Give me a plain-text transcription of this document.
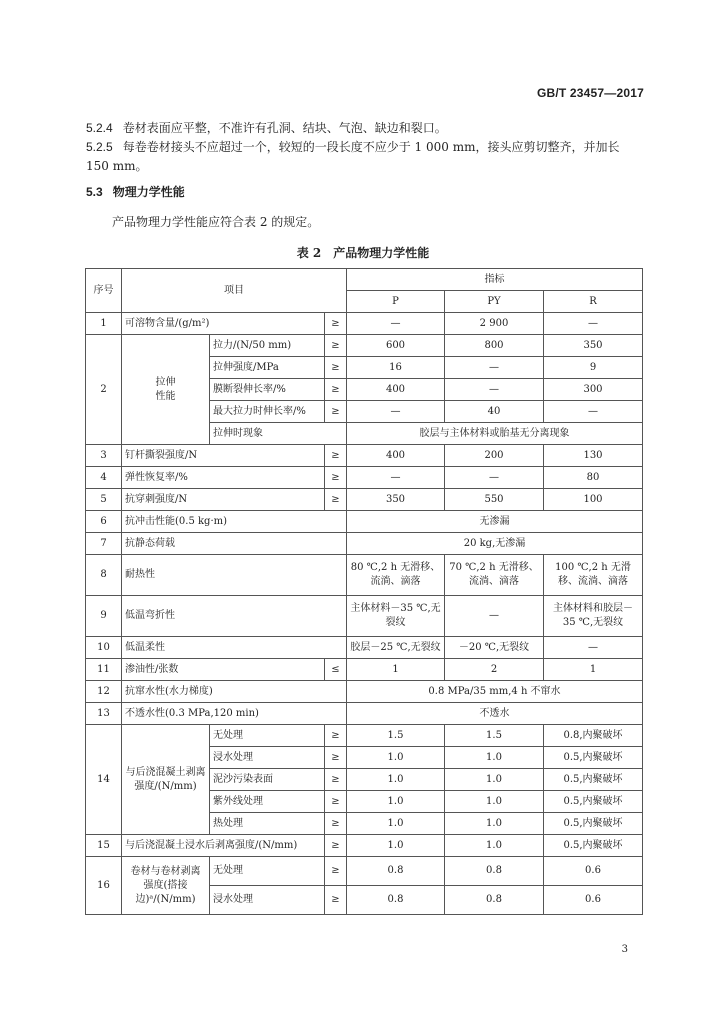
GB/T 23457—2017
5.2.4 卷材表面应平整，不准许有孔洞、结块、气泡、缺边和裂口。
5.2.5 每卷卷材接头不应超过一个，较短的一段长度不应少于 1 000 mm，接头应剪切整齐，并加长 150 mm。
5.3 物理力学性能
产品物理力学性能应符合表 2 的规定。
表 2 产品物理力学性能
序号	项目			指标		
				P	PY	R
1	可溶物含量/(g/m²)		≥	—	2 900	—
2	拉伸性能	拉力/(N/50 mm)	≥	600	800	350
		拉伸强度/MPa	≥	16	—	9
		膜断裂伸长率/%	≥	400	—	300
		最大拉力时伸长率/%	≥	—	40	—
		拉伸时现象		胶层与主体材料或胎基无分离现象		
3	钉杆撕裂强度/N		≥	400	200	130
4	弹性恢复率/%		≥	—	—	80
5	抗穿刺强度/N		≥	350	550	100
6	抗冲击性能(0.5 kg·m)			无渗漏		
7	抗静态荷载			20 kg,无渗漏		
8	耐热性			80 ℃,2 h 无滑移、流淌、滴落	70 ℃,2 h 无滑移、流淌、滴落	100 ℃,2 h 无滑移、流淌、滴落
9	低温弯折性			主体材料－35 ℃,无裂纹	—	主体材料和胶层－35 ℃,无裂纹
10	低温柔性			胶层－25 ℃,无裂纹	－20 ℃,无裂纹	—
11	渗油性/张数		≤	1	2	1
12	抗窜水性(水力梯度)			0.8 MPa/35 mm,4 h 不窜水		
13	不透水性(0.3 MPa,120 min)			不透水		
14	与后浇混凝土剥离强度/(N/mm)	无处理	≥	1.5	1.5	0.8,内聚破坏
		浸水处理	≥	1.0	1.0	0.5,内聚破坏
		泥沙污染表面	≥	1.0	1.0	0.5,内聚破坏
		紫外线处理	≥	1.0	1.0	0.5,内聚破坏
		热处理	≥	1.0	1.0	0.5,内聚破坏
15	与后浇混凝土浸水后剥离强度/(N/mm)		≥	1.0	1.0	0.5,内聚破坏
16	卷材与卷材剥离强度(搭接边)ᵃ/(N/mm)	无处理	≥	0.8	0.8	0.6
		浸水处理	≥	0.8	0.8	0.6
3
